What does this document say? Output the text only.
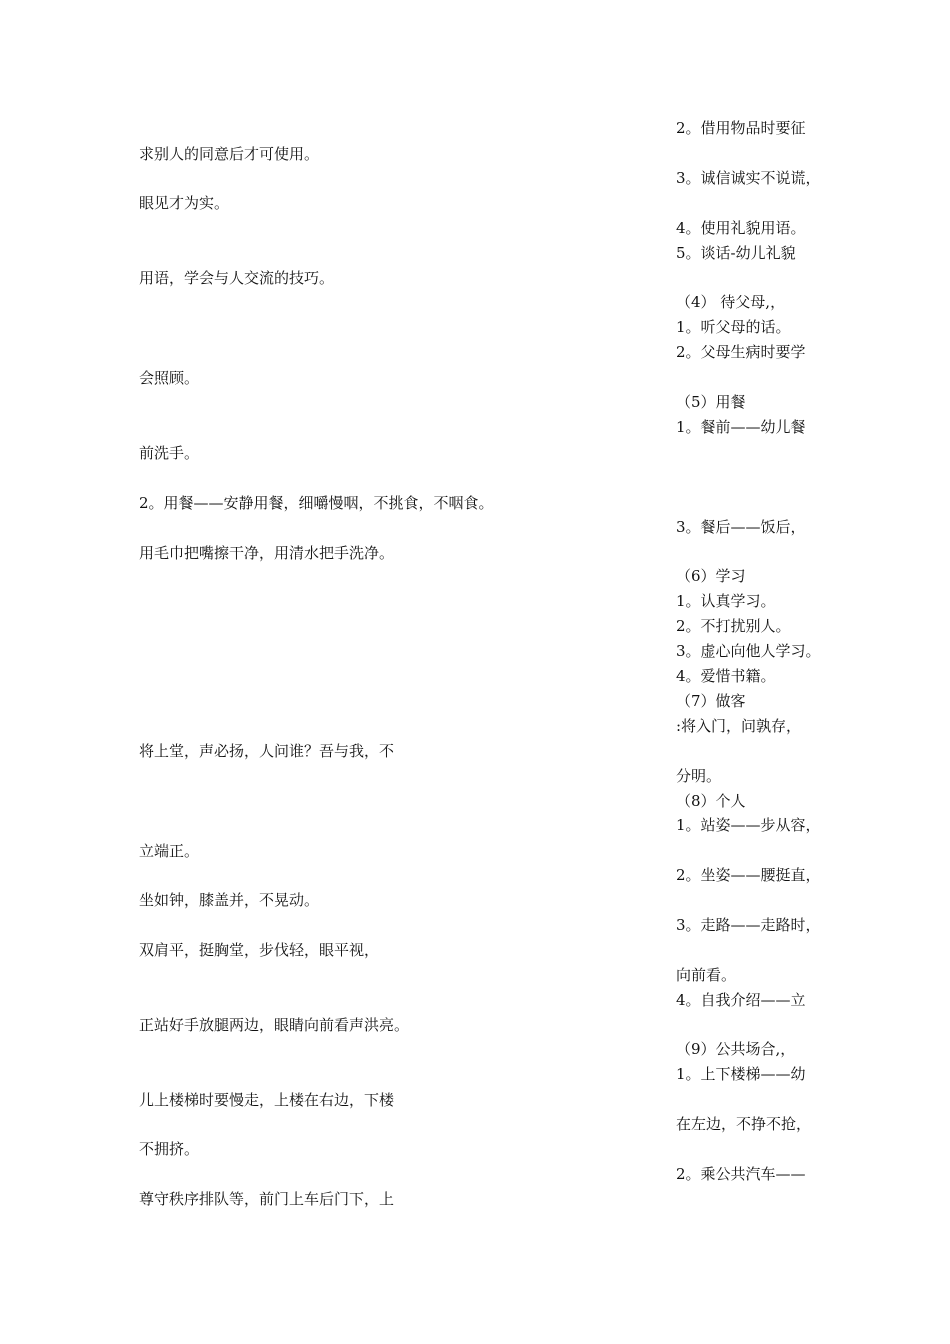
求别人的同意后才可使用。
眼见才为实。
用语，学会与人交流的技巧。
会照顾。
前洗手。
2。用餐——安静用餐，细嚼慢咽，不挑食，不咽食。
用毛巾把嘴擦干净，用清水把手洗净。
将上堂，声必扬，人问谁？吾与我，不
立端正。
坐如钟，膝盖并，不晃动。
双肩平，挺胸堂，步伐轻，眼平视，
正站好手放腿两边，眼睛向前看声洪亮。
儿上楼梯时要慢走，上楼在右边，下楼
不拥挤。
尊守秩序排队等，前门上车后门下，上
2。借用物品时要征
3。诚信诚实不说谎，
4。使用礼貌用语。
5。谈话-幼儿礼貌
（4） 待父母,，
1。听父母的话。
2。父母生病时要学
（5）用餐
1。餐前——幼儿餐
3。餐后——饭后，
（6）学习
1。认真学习。
2。不打扰别人。
3。虚心向他人学习。
4。爱惜书籍。
（7）做客
:将入门，问孰存，
分明。
（8）个人
1。站姿——步从容，
2。坐姿——腰挺直，
3。走路——走路时，
向前看。
4。自我介绍——立
（9）公共场合,，
1。上下楼梯——幼
在左边，不挣不抢，
2。乘公共汽车——
